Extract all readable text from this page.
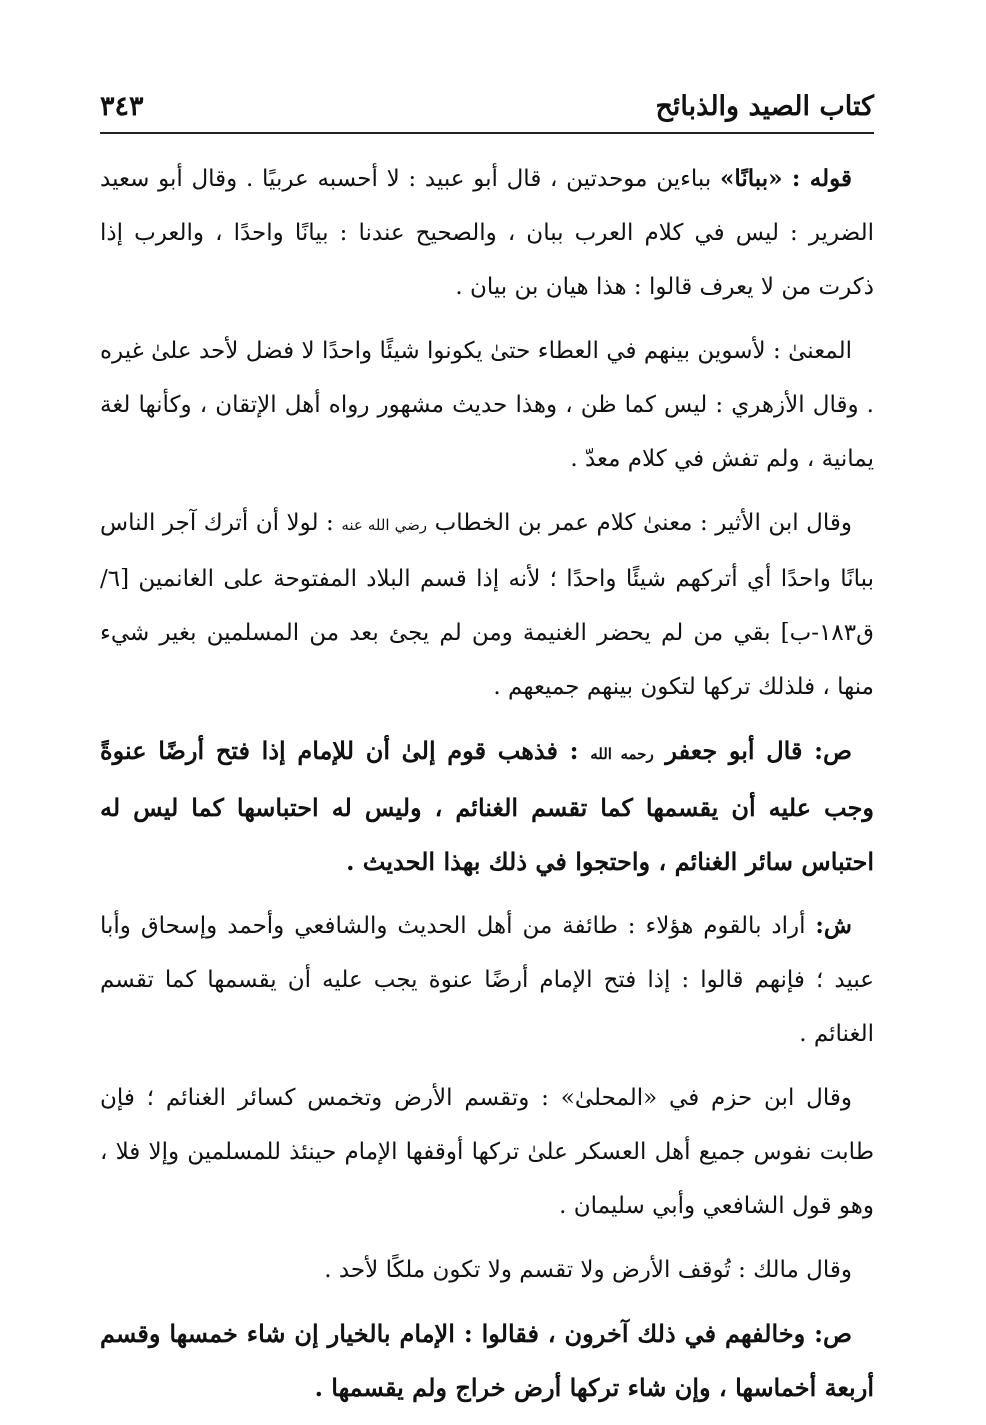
كتاب الصيد والذبائح
٣٤٣

قوله : «ببانًا» بباءين موحدتين ، قال أبو عبيد : لا أحسبه عربيًا . وقال أبو سعيد الضرير : ليس في كلام العرب ببان ، والصحيح عندنا : بيانًا واحدًا ، والعرب إذا ذكرت من لا يعرف قالوا : هذا هيان بن بيان .

المعنىٰ : لأسوين بينهم في العطاء حتىٰ يكونوا شيئًا واحدًا لا فضل لأحد علىٰ غيره . وقال الأزهري : ليس كما ظن ، وهذا حديث مشهور رواه أهل الإتقان ، وكأنها لغة يمانية ، ولم تفش في كلام معدّ .

وقال ابن الأثير : معنىٰ كلام عمر بن الخطاب رضي الله عنه : لولا أن أترك آجر الناس ببانًا واحدًا أي أتركهم شيئًا واحدًا ؛ لأنه إذا قسم البلاد المفتوحة على الغانمين [٦/ق١٨٣-ب] بقي من لم يحضر الغنيمة ومن لم يجئ بعد من المسلمين بغير شيء منها ، فلذلك تركها لتكون بينهم جميعهم .

ص: قال أبو جعفر رحمه الله : فذهب قوم إلىٰ أن للإمام إذا فتح أرضًا عنوةً وجب عليه أن يقسمها كما تقسم الغنائم ، وليس له احتباسها كما ليس له احتباس سائر الغنائم ، واحتجوا في ذلك بهذا الحديث .

ش: أراد بالقوم هؤلاء : طائفة من أهل الحديث والشافعي وأحمد وإسحاق وأبا عبيد ؛ فإنهم قالوا : إذا فتح الإمام أرضًا عنوة يجب عليه أن يقسمها كما تقسم الغنائم .

وقال ابن حزم في «المحلىٰ» : وتقسم الأرض وتخمس كسائر الغنائم ؛ فإن طابت نفوس جميع أهل العسكر علىٰ تركها أوقفها الإمام حينئذ للمسلمين وإلا فلا ، وهو قول الشافعي وأبي سليمان .

وقال مالك : تُوقف الأرض ولا تقسم ولا تكون ملكًا لأحد .

ص: وخالفهم في ذلك آخرون ، فقالوا : الإمام بالخيار إن شاء خمسها وقسم أربعة أخماسها ، وإن شاء تركها أرض خراج ولم يقسمها .
